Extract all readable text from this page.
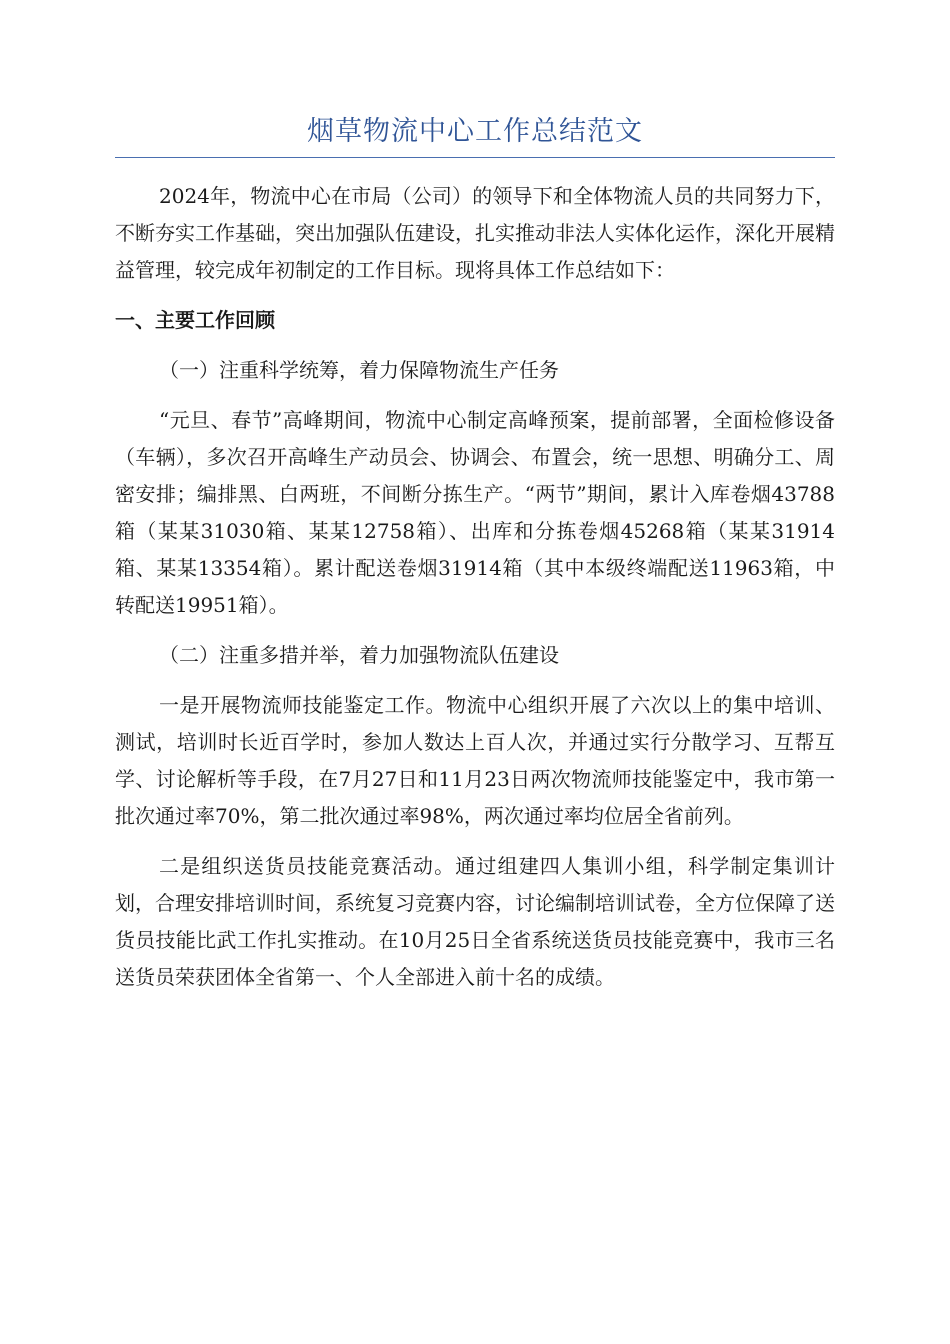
烟草物流中心工作总结范文

2024年，物流中心在市局（公司）的领导下和全体物流人员的共同努力下，不断夯实工作基础，突出加强队伍建设，扎实推动非法人实体化运作，深化开展精益管理，较完成年初制定的工作目标。现将具体工作总结如下：

一、主要工作回顾

（一）注重科学统筹，着力保障物流生产任务

“元旦、春节”高峰期间，物流中心制定高峰预案，提前部署，全面检修设备（车辆），多次召开高峰生产动员会、协调会、布置会，统一思想、明确分工、周密安排；编排黑、白两班，不间断分拣生产。“两节”期间，累计入库卷烟43788箱（某某31030箱、某某12758箱）、出库和分拣卷烟45268箱（某某31914箱、某某13354箱）。累计配送卷烟31914箱（其中本级终端配送11963箱，中转配送19951箱）。

（二）注重多措并举，着力加强物流队伍建设

一是开展物流师技能鉴定工作。物流中心组织开展了六次以上的集中培训、测试，培训时长近百学时，参加人数达上百人次，并通过实行分散学习、互帮互学、讨论解析等手段，在7月27日和11月23日两次物流师技能鉴定中，我市第一批次通过率70%，第二批次通过率98%，两次通过率均位居全省前列。

二是组织送货员技能竞赛活动。通过组建四人集训小组，科学制定集训计划，合理安排培训时间，系统复习竞赛内容，讨论编制培训试卷，全方位保障了送货员技能比武工作扎实推动。在10月25日全省系统送货员技能竞赛中，我市三名送货员荣获团体全省第一、个人全部进入前十名的成绩。
